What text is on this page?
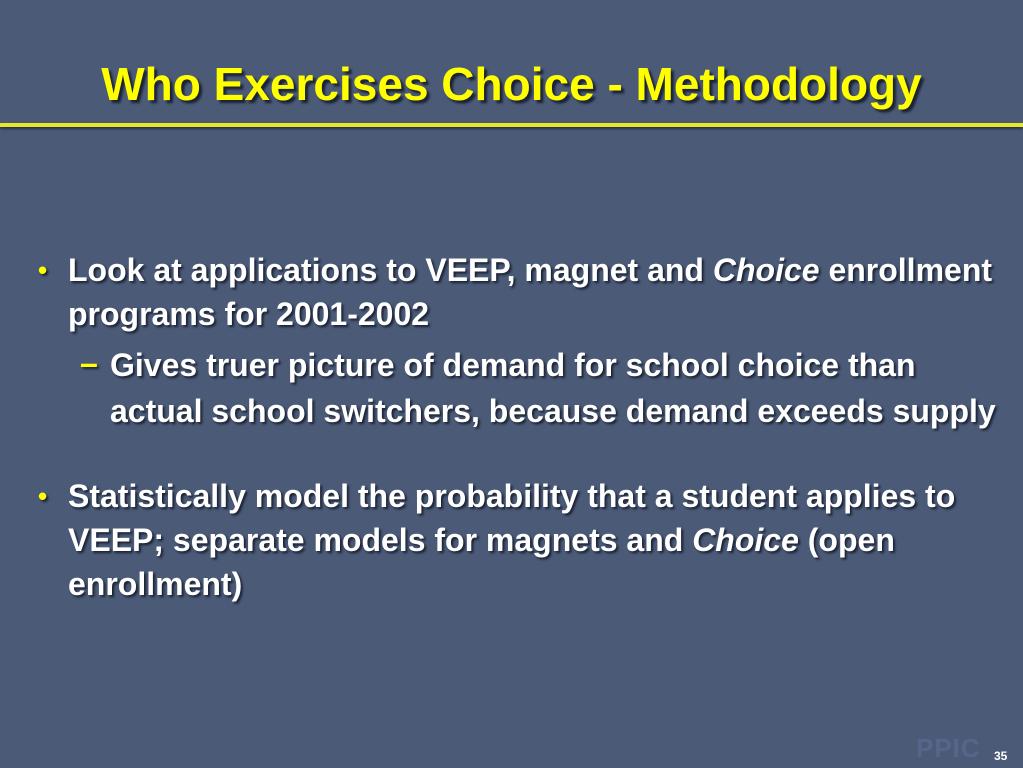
Who Exercises Choice - Methodology
• Look at applications to VEEP, magnet and Choice enrollment programs for 2001-2002
– Gives truer picture of demand for school choice than actual school switchers, because demand exceeds supply
• Statistically model the probability that a student applies to VEEP; separate models for magnets and Choice (open enrollment)
PPIC 35
